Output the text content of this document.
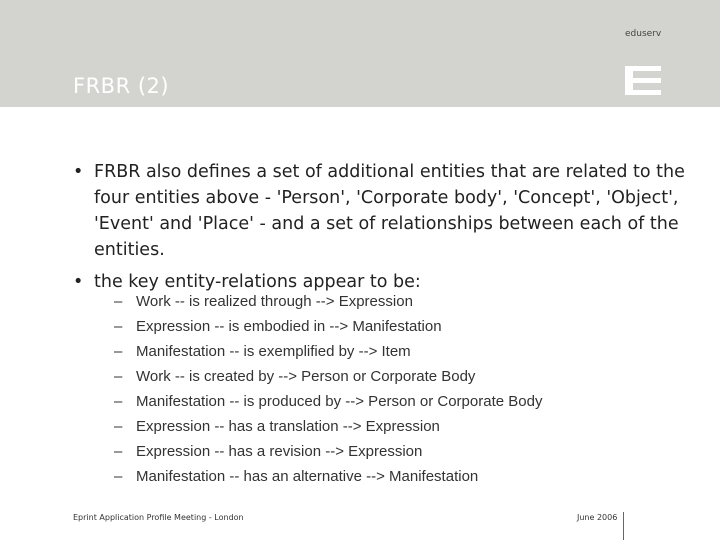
FRBR (2)
eduserv
• FRBR also defines a set of additional entities that are related to the four entities above - 'Person', 'Corporate body', 'Concept', 'Object', 'Event' and 'Place' - and a set of relationships between each of the entities.
• the key entity-relations appear to be:
– Work -- is realized through --> Expression
– Expression -- is embodied in --> Manifestation
– Manifestation -- is exemplified by --> Item
– Work -- is created by --> Person or Corporate Body
– Manifestation -- is produced by --> Person or Corporate Body
– Expression -- has a translation --> Expression
– Expression -- has a revision --> Expression
– Manifestation -- has an alternative --> Manifestation
Eprint Application Profile Meeting - London	June 2006
